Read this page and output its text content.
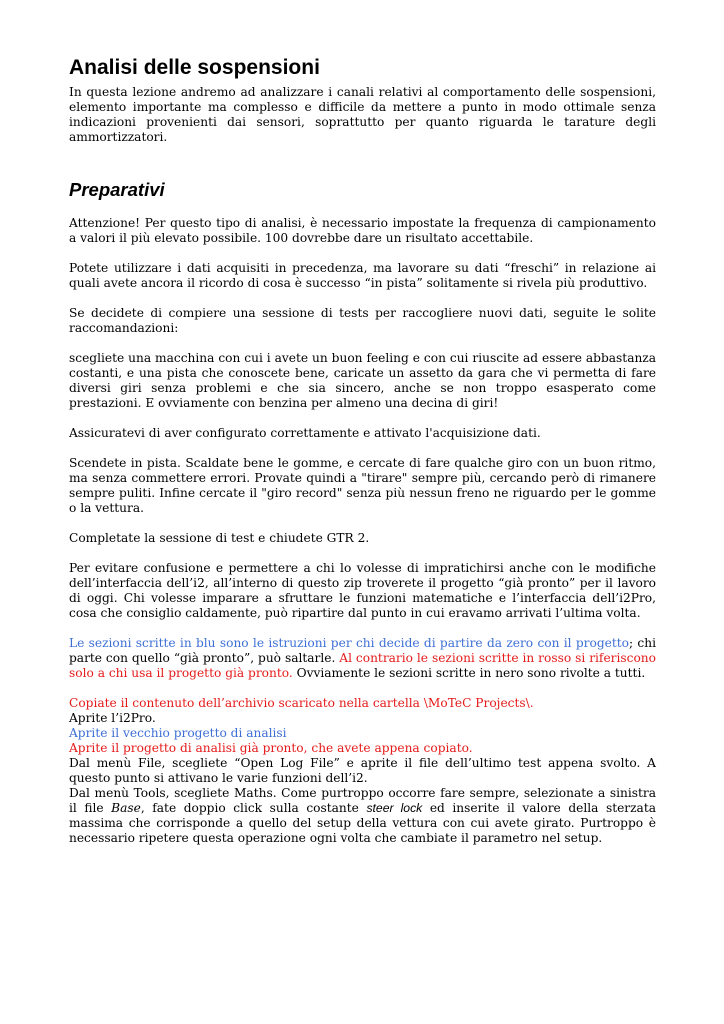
Analisi delle sospensioni

In questa lezione andremo ad analizzare i canali relativi al comportamento delle sospensioni, elemento importante ma complesso e difficile da mettere a punto in modo ottimale senza indicazioni provenienti dai sensori, soprattutto per quanto riguarda le tarature degli ammortizzatori.

Preparativi

Attenzione! Per questo tipo di analisi, è necessario impostate la frequenza di campionamento a valori il più elevato possibile. 100 dovrebbe dare un risultato accettabile.

Potete utilizzare i dati acquisiti in precedenza, ma lavorare su dati “freschi” in relazione ai quali avete ancora il ricordo di cosa è successo “in pista” solitamente si rivela più produttivo.

Se decidete di compiere una sessione di tests per raccogliere nuovi dati, seguite le solite raccomandazioni:

scegliete una macchina con cui i avete un buon feeling e con cui riuscite ad essere abbastanza costanti, e una pista che conoscete bene, caricate un assetto da gara che vi permetta di fare diversi giri senza problemi e che sia sincero, anche se non troppo esasperato come prestazioni. E ovviamente con benzina per almeno una decina di giri!

Assicuratevi di aver configurato correttamente e attivato l'acquisizione dati.

Scendete in pista. Scaldate bene le gomme, e cercate di fare qualche giro con un buon ritmo, ma senza commettere errori. Provate quindi a "tirare" sempre più, cercando però di rimanere sempre puliti. Infine cercate il "giro record" senza più nessun freno ne riguardo per le gomme o la vettura.

Completate la sessione di test e chiudete GTR 2.

Per evitare confusione e permettere a chi lo volesse di impratichirsi anche con le modifiche dell’interfaccia dell’i2, all’interno di questo zip troverete il progetto “già pronto” per il lavoro di oggi. Chi volesse imparare a sfruttare le funzioni matematiche e l’interfaccia dell’i2Pro, cosa che consiglio caldamente, può ripartire dal punto in cui eravamo arrivati l’ultima volta.

Le sezioni scritte in blu sono le istruzioni per chi decide di partire da zero con il progetto; chi parte con quello “già pronto”, può saltarle. Al contrario le sezioni scritte in rosso si riferiscono solo a chi usa il progetto già pronto. Ovviamente le sezioni scritte in nero sono rivolte a tutti.

Copiate il contenuto dell’archivio scaricato nella cartella \MoTeC Projects\.

Aprite l’i2Pro.

Aprite il vecchio progetto di analisi

Aprite il progetto di analisi già pronto, che avete appena copiato.

Dal menù File, scegliete “Open Log File” e aprite il file dell’ultimo test appena svolto. A questo punto si attivano le varie funzioni dell’i2.

Dal menù Tools, scegliete Maths. Come purtroppo occorre fare sempre, selezionate a sinistra il file Base, fate doppio click sulla costante steer lock ed inserite il valore della sterzata massima che corrisponde a quello del setup della vettura con cui avete girato. Purtroppo è necessario ripetere questa operazione ogni volta che cambiate il parametro nel setup.
